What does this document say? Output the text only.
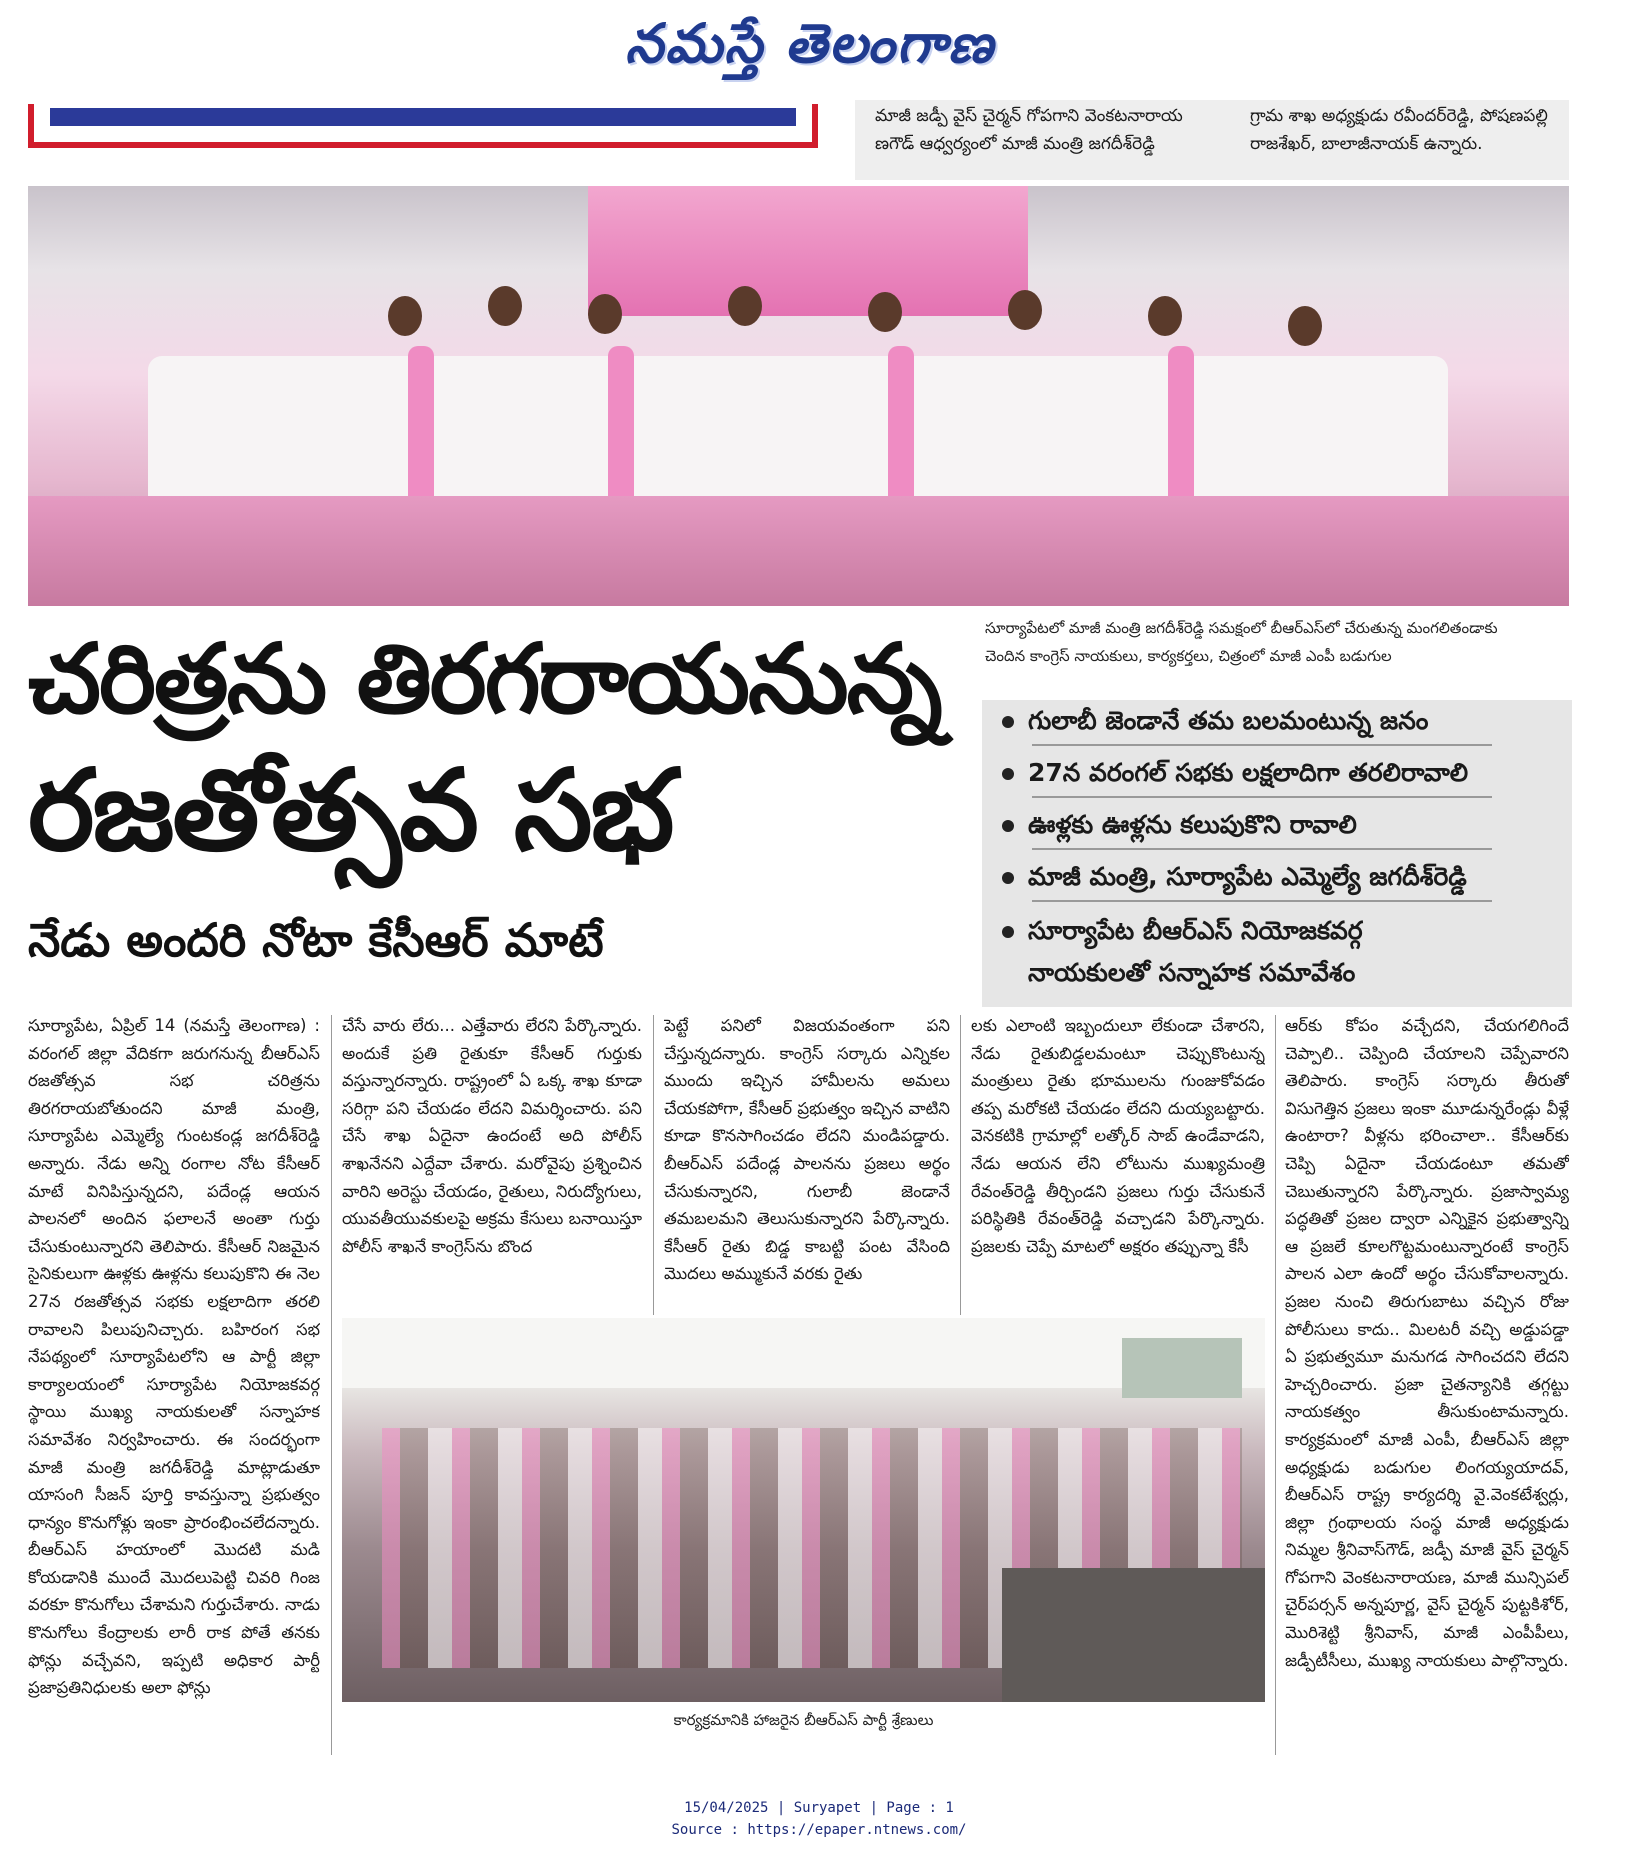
నమస్తే తెలంగాణ

మాజీ జడ్పీ వైస్ చైర్మన్ గోపగాని వెంకటనారాయ

ణగౌడ్ ఆధ్వర్యంలో మాజీ మంత్రి జగదీశ్‌రెడ్డి

గ్రామ శాఖ అధ్యక్షుడు రవీందర్‌రెడ్డి, పోషణపల్లి

రాజశేఖర్, బాలాజీనాయక్ ఉన్నారు.

సూర్యాపేటలో మాజీ మంత్రి జగదీశ్‌రెడ్డి సమక్షంలో బీఆర్‌ఎస్‌లో చేరుతున్న మంగలితండాకు
చెందిన కాంగ్రెస్ నాయకులు, కార్యకర్తలు, చిత్రంలో మాజీ ఎంపీ బడుగుల
చరిత్రను తిరగరాయనున్న
రజతోత్సవ సభ
నేడు అందరి నోటా కేసీఆర్ మాటే
గులాబీ జెండానే తమ బలమంటున్న జనం
27న వరంగల్ సభకు లక్షలాదిగా తరలిరావాలి
ఊళ్లకు ఊళ్లను కలుపుకొని రావాలి
మాజీ మంత్రి, సూర్యాపేట ఎమ్మెల్యే జగదీశ్‌రెడ్డి
సూర్యాపేట బీఆర్‌ఎస్ నియోజకవర్గ
నాయకులతో సన్నాహక సమావేశం

సూర్యాపేట, ఏప్రిల్ 14 (నమస్తే తెలంగాణ) : వరంగల్ జిల్లా వేదికగా జరుగనున్న బీఆర్‌ఎస్ రజతోత్సవ సభ చరిత్రను తిరగరాయబోతుందని మాజీ మంత్రి, సూర్యాపేట ఎమ్మెల్యే గుంటకండ్ల జగదీశ్‌రెడ్డి అన్నారు. నేడు అన్ని రంగాల నోట కేసీఆర్ మాటే వినిపిస్తున్నదని, పదేండ్ల ఆయన పాలనలో అందిన ఫలాలనే అంతా గుర్తు చేసుకుంటున్నారని తెలిపారు. కేసీఆర్ నిజమైన సైనికులుగా ఊళ్లకు ఊళ్లను కలుపుకొని ఈ నెల 27న రజతోత్సవ సభకు లక్షలాదిగా తరలి రావాలని పిలుపునిచ్చారు. బహిరంగ సభ నేపథ్యంలో సూర్యాపేటలోని ఆ పార్టీ జిల్లా కార్యాలయంలో సూర్యాపేట నియోజకవర్గ స్థాయి ముఖ్య నాయకులతో సన్నాహక సమావేశం నిర్వహించారు. ఈ సందర్భంగా మాజీ మంత్రి జగదీశ్‌రెడ్డి మాట్లాడుతూ యాసంగి సీజన్ పూర్తి కావస్తున్నా ప్రభుత్వం ధాన్యం కొనుగోళ్లు ఇంకా ప్రారంభించలేదన్నారు. బీఆర్‌ఎస్ హయాంలో మొదటి మడి కోయడానికి ముందే మొదలుపెట్టి చివరి గింజ వరకూ కొనుగోలు చేశామని గుర్తుచేశారు. నాడు కొనుగోలు కేంద్రాలకు లారీ రాక పోతే తనకు ఫోన్లు వచ్చేవని, ఇప్పటి అధికార పార్టీ ప్రజాప్రతినిధులకు అలా ఫోన్లు

చేసే వారు లేరు... ఎత్తేవారు లేరని పేర్కొన్నారు. అందుకే ప్రతి రైతుకూ కేసీఆర్ గుర్తుకు వస్తున్నారన్నారు. రాష్ట్రంలో ఏ ఒక్క శాఖ కూడా సరిగ్గా పని చేయడం లేదని విమర్శించారు. పని చేసే శాఖ ఏదైనా ఉందంటే అది పోలీస్ శాఖనేనని ఎద్దేవా చేశారు. మరోవైపు ప్రశ్నించిన వారిని అరెస్టు చేయడం, రైతులు, నిరుద్యోగులు, యువతీయువకులపై అక్రమ కేసులు బనాయిస్తూ పోలీస్ శాఖనే కాంగ్రెస్‌ను బొంద

పెట్టే పనిలో విజయవంతంగా పని చేస్తున్నదన్నారు. కాంగ్రెస్ సర్కారు ఎన్నికల ముందు ఇచ్చిన హామీలను అమలు చేయకపోగా, కేసీఆర్ ప్రభుత్వం ఇచ్చిన వాటిని కూడా కొనసాగించడం లేదని మండిపడ్డారు. బీఆర్‌ఎస్ పదేండ్ల పాలనను ప్రజలు అర్థం చేసుకున్నారని, గులాబీ జెండానే తమబలమని తెలుసుకున్నారని పేర్కొన్నారు. కేసీఆర్ రైతు బిడ్డ కాబట్టి పంట వేసింది మొదలు అమ్ముకునే వరకు రైతు

లకు ఎలాంటి ఇబ్బందులూ లేకుండా చేశారని, నేడు రైతుబిడ్డలమంటూ చెప్పుకొంటున్న మంత్రులు రైతు భూములను గుంజుకోవడం తప్ప మరోకటి చేయడం లేదని దుయ్యబట్టారు. వెనకటికి గ్రామాల్లో లత్కోర్ సాబ్ ఉండేవాడని, నేడు ఆయన లేని లోటును ముఖ్యమంత్రి రేవంత్‌రెడ్డి తీర్చిండని ప్రజలు గుర్తు చేసుకునే పరిస్థితికి రేవంత్‌రెడ్డి వచ్చాడని పేర్కొన్నారు. ప్రజలకు చెప్పే మాటలో అక్షరం తప్పున్నా కేసీ

ఆర్‌కు కోపం వచ్చేదని, చేయగలిగిందే చెప్పాలి.. చెప్పింది చేయాలని చెప్పేవారని తెలిపారు. కాంగ్రెస్ సర్కారు తీరుతో విసుగెత్తిన ప్రజలు ఇంకా మూడున్నరేండ్లు వీళ్లే ఉంటారా? వీళ్లను భరించాలా.. కేసీఆర్‌కు చెప్పి ఏదైనా చేయడంటూ తమతో చెబుతున్నారని పేర్కొన్నారు. ప్రజాస్వామ్య పద్ధతితో ప్రజల ద్వారా ఎన్నికైన ప్రభుత్వాన్ని ఆ ప్రజలే కూలగొట్టమంటున్నారంటే కాంగ్రెస్ పాలన ఎలా ఉందో అర్థం చేసుకోవాలన్నారు. ప్రజల నుంచి తిరుగుబాటు వచ్చిన రోజు పోలీసులు కాదు.. మిలటరీ వచ్చి అడ్డుపడ్డా ఏ ప్రభుత్వమూ మనుగడ సాగించదని లేదని హెచ్చరించారు. ప్రజా చైతన్యానికి తగ్గట్టు నాయకత్వం తీసుకుంటామన్నారు. కార్యక్రమంలో మాజీ ఎంపీ, బీఆర్‌ఎస్ జిల్లా అధ్యక్షుడు బడుగుల లింగయ్యయాదవ్, బీఆర్‌ఎస్ రాష్ట్ర కార్యదర్శి వై.వెంకటేశ్వర్లు, జిల్లా గ్రంథాలయ సంస్థ మాజీ అధ్యక్షుడు నిమ్మల శ్రీనివాస్‌గౌడ్, జడ్పీ మాజీ వైస్ చైర్మన్ గోపగాని వెంకటనారాయణ, మాజీ మున్సిపల్ చైర్‌పర్సన్ అన్నపూర్ణ, వైస్ చైర్మన్ పుట్టకిశోర్, మొరిశెట్టి శ్రీనివాస్, మాజీ ఎంపీపీలు, జడ్పీటీసీలు, ముఖ్య నాయకులు పాల్గొన్నారు.

కార్యక్రమానికి హాజరైన బీఆర్‌ఎస్ పార్టీ శ్రేణులు
15/04/2025 | Suryapet | Page : 1
Source : https://epaper.ntnews.com/
